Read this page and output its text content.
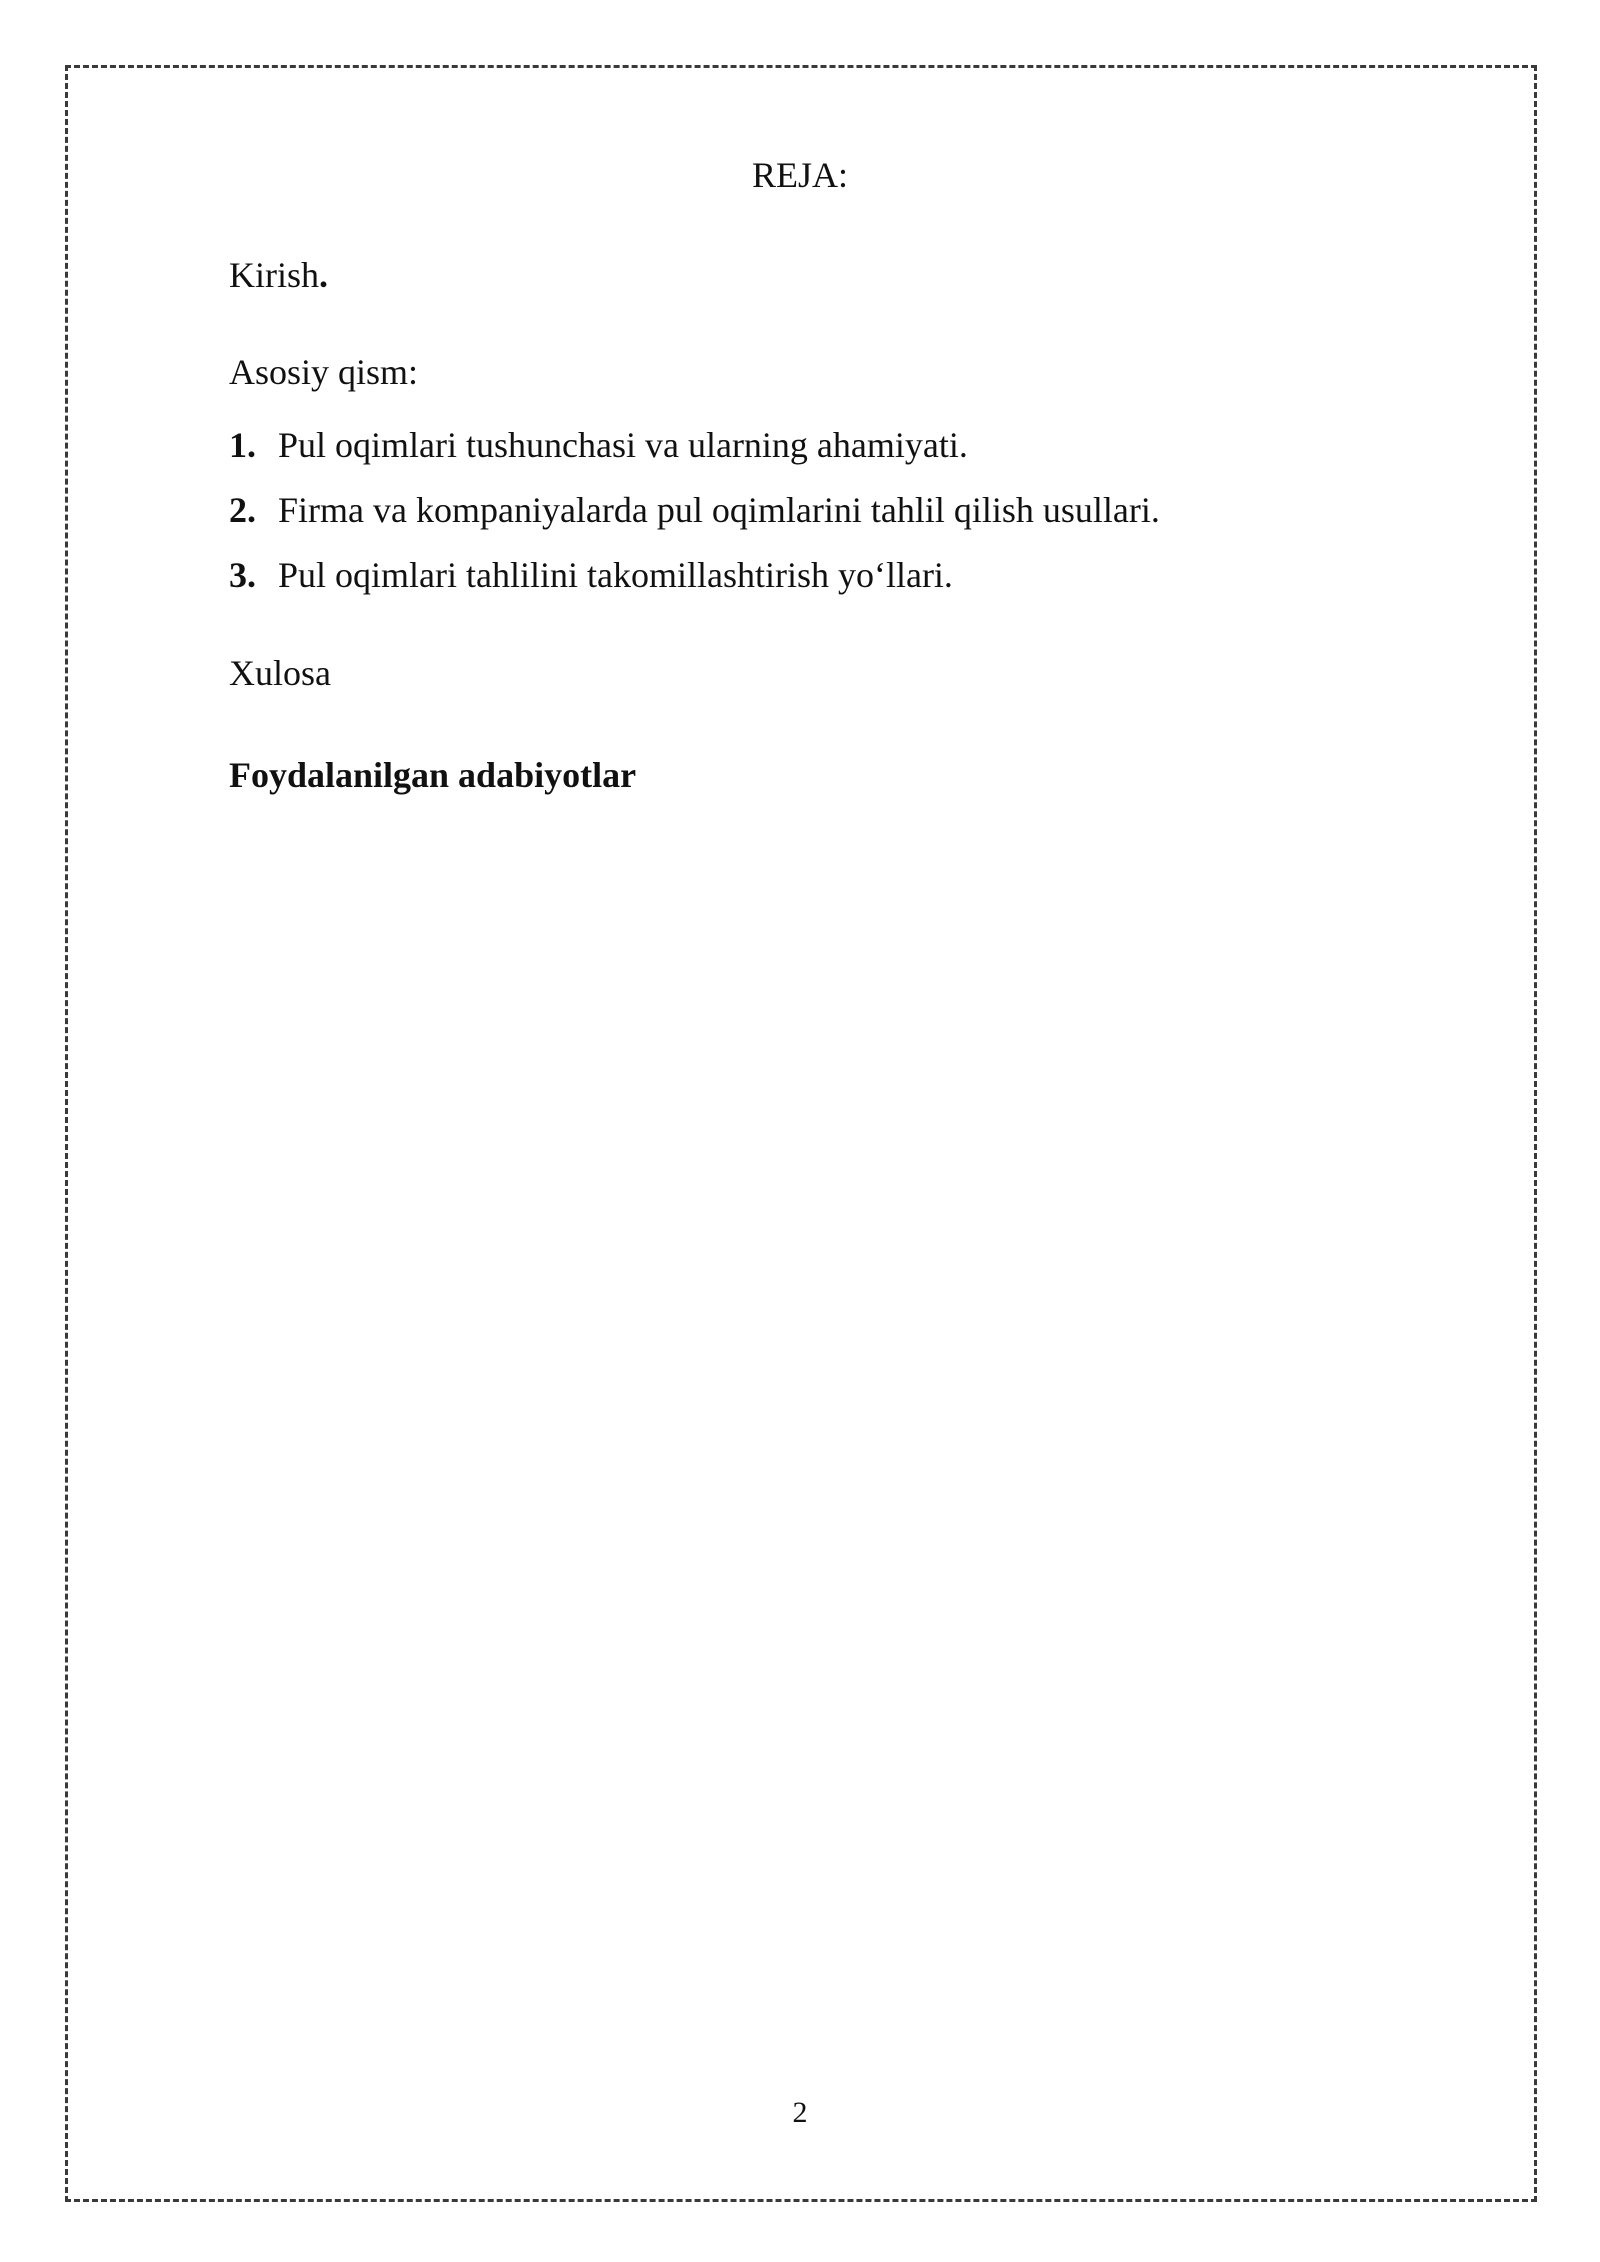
REJA:
Kirish.
Asosiy qism:
1. Pul oqimlari tushunchasi va ularning ahamiyati.
2. Firma va kompaniyalarda pul oqimlarini tahlil qilish usullari.
3. Pul oqimlari tahlilini takomillashtirish yo‘llari.
Xulosa
Foydalanilgan adabiyotlar
2
